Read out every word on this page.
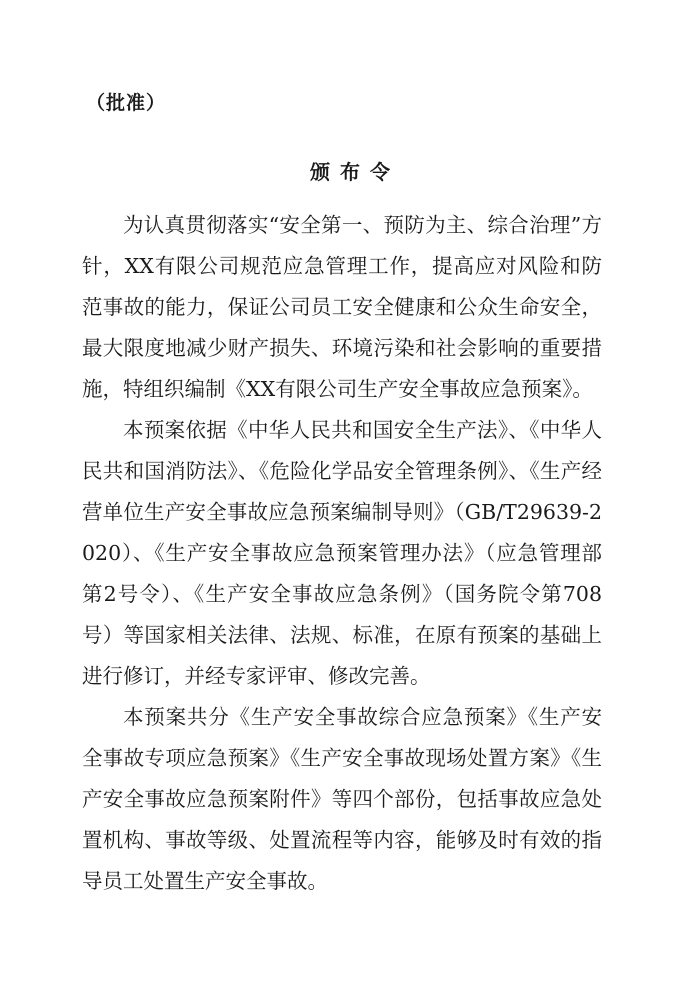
（批准）
颁布令

为认真贯彻落实“安全第一、预防为主、综合治理”方针，XX有限公司规范应急管理工作，提高应对风险和防范事故的能力，保证公司员工安全健康和公众生命安全，最大限度地减少财产损失、环境污染和社会影响的重要措施，特组织编制《XX有限公司生产安全事故应急预案》。

本预案依据《中华人民共和国安全生产法》、《中华人民共和国消防法》、《危险化学品安全管理条例》、《生产经营单位生产安全事故应急预案编制导则》（GB/T29639-2020）、《生产安全事故应急预案管理办法》（应急管理部第2号令）、《生产安全事故应急条例》（国务院令第708号）等国家相关法律、法规、标准，在原有预案的基础上进行修订，并经专家评审、修改完善。

本预案共分《生产安全事故综合应急预案》《生产安全事故专项应急预案》《生产安全事故现场处置方案》《生产安全事故应急预案附件》等四个部份，包括事故应急处置机构、事故等级、处置流程等内容，能够及时有效的指导员工处置生产安全事故。
